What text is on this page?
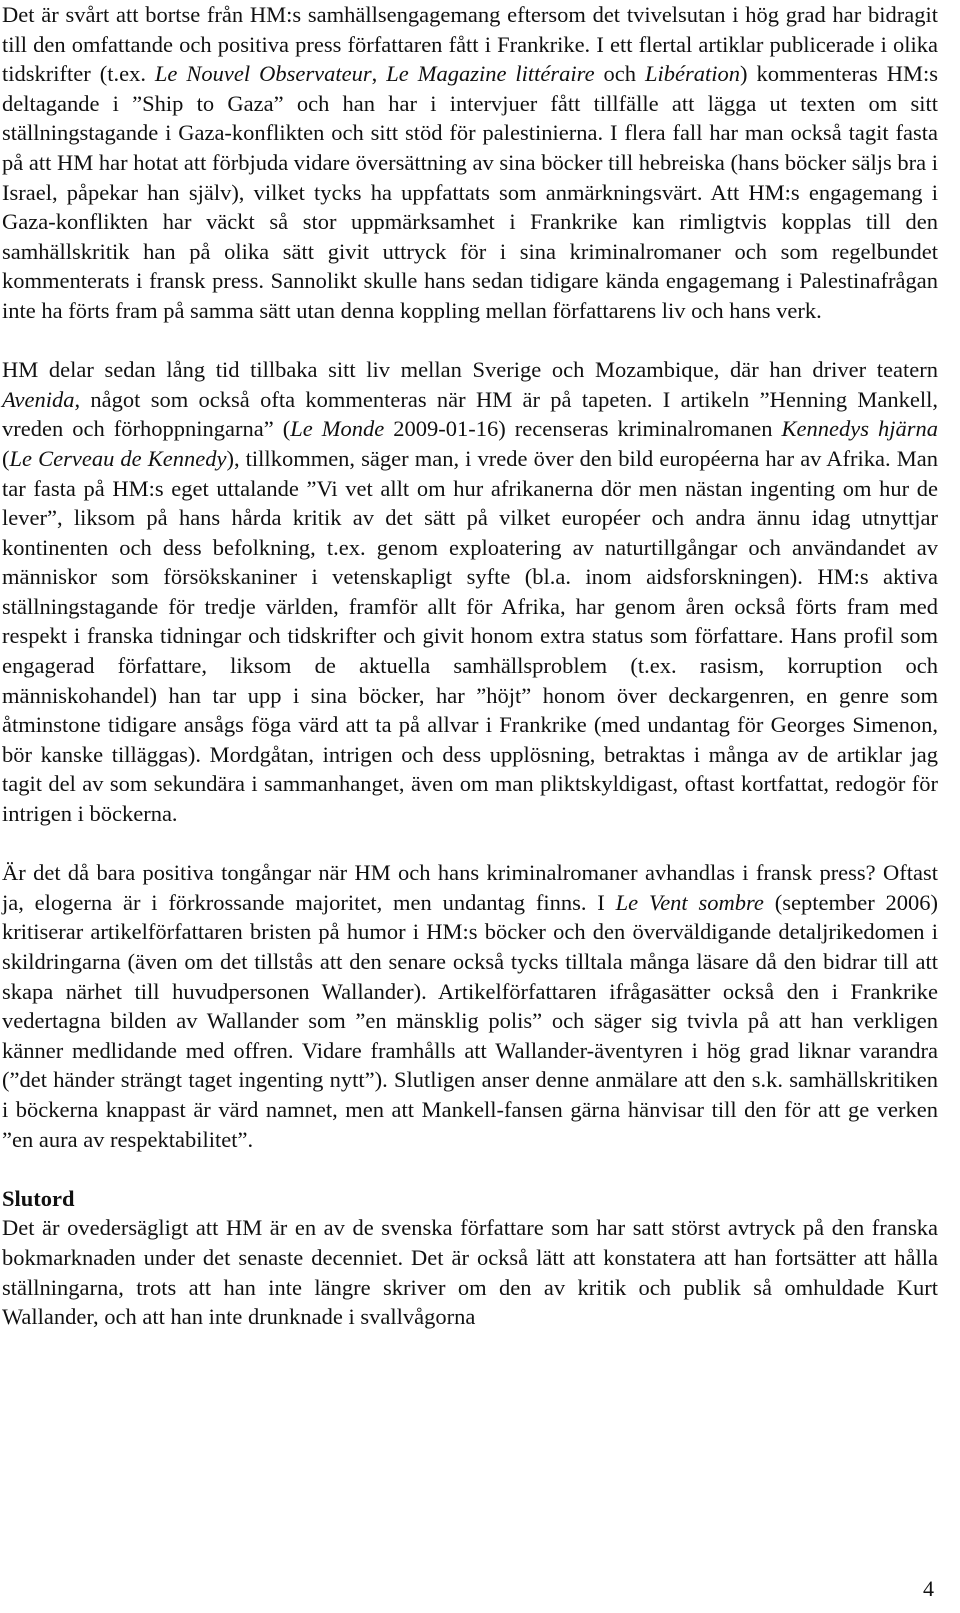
Det är svårt att bortse från HM:s samhällsengagemang eftersom det tvivelsutan i hög grad har bidragit till den omfattande och positiva press författaren fått i Frankrike. I ett flertal artiklar publicerade i olika tidskrifter (t.ex. Le Nouvel Observateur, Le Magazine littéraire och Libération) kommenteras HM:s deltagande i ”Ship to Gaza” och han har i intervjuer fått tillfälle att lägga ut texten om sitt ställningstagande i Gaza-konflikten och sitt stöd för palestinierna. I flera fall har man också tagit fasta på att HM har hotat att förbjuda vidare översättning av sina böcker till hebreiska (hans böcker säljs bra i Israel, påpekar han själv), vilket tycks ha uppfattats som anmärkningsvärt. Att HM:s engagemang i Gaza-konflikten har väckt så stor uppmärksamhet i Frankrike kan rimligtvis kopplas till den samhällskritik han på olika sätt givit uttryck för i sina kriminalromaner och som regelbundet kommenterats i fransk press. Sannolikt skulle hans sedan tidigare kända engagemang i Palestinafrågan inte ha förts fram på samma sätt utan denna koppling mellan författarens liv och hans verk.

HM delar sedan lång tid tillbaka sitt liv mellan Sverige och Mozambique, där han driver teatern Avenida, något som också ofta kommenteras när HM är på tapeten. I artikeln ”Henning Mankell, vreden och förhoppningarna” (Le Monde 2009-01-16) recenseras kriminalromanen Kennedys hjärna (Le Cerveau de Kennedy), tillkommen, säger man, i vrede över den bild européerna har av Afrika. Man tar fasta på HM:s eget uttalande ”Vi vet allt om hur afrikanerna dör men nästan ingenting om hur de lever”, liksom på hans hårda kritik av det sätt på vilket européer och andra ännu idag utnyttjar kontinenten och dess befolkning, t.ex. genom exploatering av naturtillgångar och användandet av människor som försökskaniner i vetenskapligt syfte (bl.a. inom aidsforskningen). HM:s aktiva ställningstagande för tredje världen, framför allt för Afrika, har genom åren också förts fram med respekt i franska tidningar och tidskrifter och givit honom extra status som författare. Hans profil som engagerad författare, liksom de aktuella samhällsproblem (t.ex. rasism, korruption och människohandel) han tar upp i sina böcker, har ”höjt” honom över deckargenren, en genre som åtminstone tidigare ansågs föga värd att ta på allvar i Frankrike (med undantag för Georges Simenon, bör kanske tilläggas). Mordgåtan, intrigen och dess upplösning, betraktas i många av de artiklar jag tagit del av som sekundära i sammanhanget, även om man pliktskyldigast, oftast kortfattat, redogör för intrigen i böckerna.

Är det då bara positiva tongångar när HM och hans kriminalromaner avhandlas i fransk press? Oftast ja, elogerna är i förkrossande majoritet, men undantag finns. I Le Vent sombre (september 2006) kritiserar artikelförfattaren bristen på humor i HM:s böcker och den överväldigande detaljrikedomen i skildringarna (även om det tillstås att den senare också tycks tilltala många läsare då den bidrar till att skapa närhet till huvudpersonen Wallander). Artikelförfattaren ifrågasätter också den i Frankrike vedertagna bilden av Wallander som ”en mänsklig polis” och säger sig tvivla på att han verkligen känner medlidande med offren. Vidare framhålls att Wallander-äventyren i hög grad liknar varandra (”det händer strängt taget ingenting nytt”). Slutligen anser denne anmälare att den s.k. samhällskritiken i böckerna knappast är värd namnet, men att Mankell-fansen gärna hänvisar till den för att ge verken ”en aura av respektabilitet”.

Slutord

Det är ovedersägligt att HM är en av de svenska författare som har satt störst avtryck på den franska bokmarknaden under det senaste decenniet. Det är också lätt att konstatera att han fortsätter att hålla ställningarna, trots att han inte längre skriver om den av kritik och publik så omhuldade Kurt Wallander, och att han inte drunknade i svallvågorna

4
